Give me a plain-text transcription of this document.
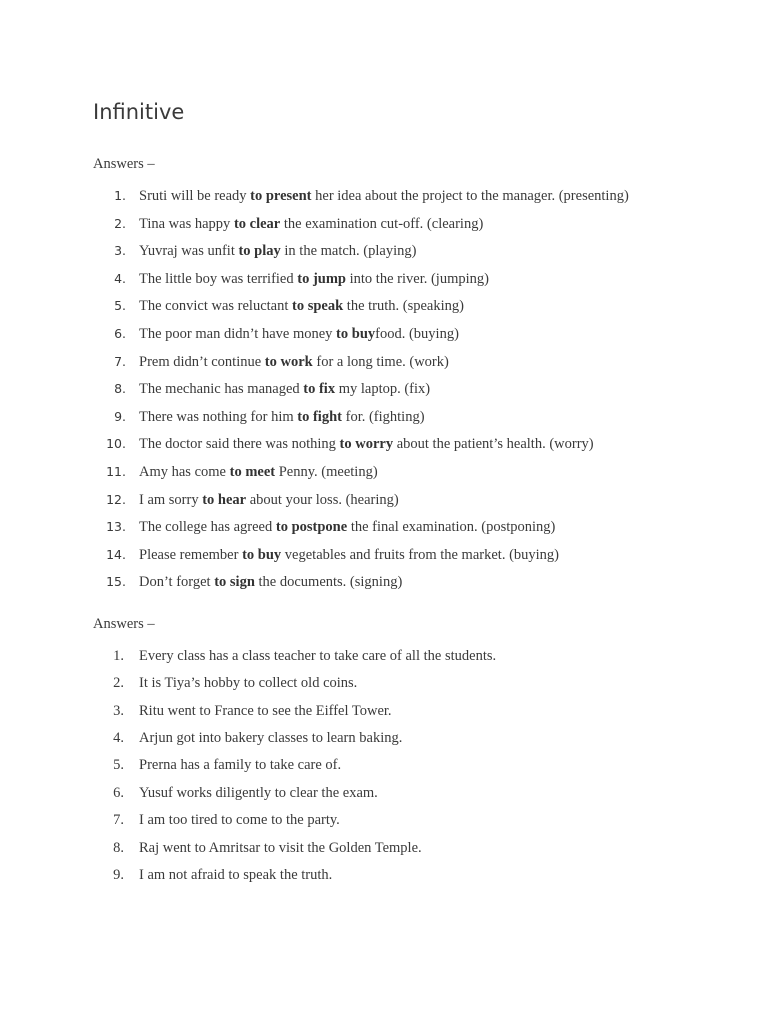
Infinitive

Answers –

1. Sruti will be ready to present her idea about the project to the manager. (presenting)
2. Tina was happy to clear the examination cut-off. (clearing)
3. Yuvraj was unfit to play in the match. (playing)
4. The little boy was terrified to jump into the river. (jumping)
5. The convict was reluctant to speak the truth. (speaking)
6. The poor man didn’t have money to buyfood. (buying)
7. Prem didn’t continue to work for a long time. (work)
8. The mechanic has managed to fix my laptop. (fix)
9. There was nothing for him to fight for. (fighting)
10. The doctor said there was nothing to worry about the patient’s health. (worry)
11. Amy has come to meet Penny. (meeting)
12. I am sorry to hear about your loss. (hearing)
13. The college has agreed to postpone the final examination. (postponing)
14. Please remember to buy vegetables and fruits from the market. (buying)
15. Don’t forget to sign the documents. (signing)

Answers –

1. Every class has a class teacher to take care of all the students.
2. It is Tiya’s hobby to collect old coins.
3. Ritu went to France to see the Eiffel Tower.
4. Arjun got into bakery classes to learn baking.
5. Prerna has a family to take care of.
6. Yusuf works diligently to clear the exam.
7. I am too tired to come to the party.
8. Raj went to Amritsar to visit the Golden Temple.
9. I am not afraid to speak the truth.
